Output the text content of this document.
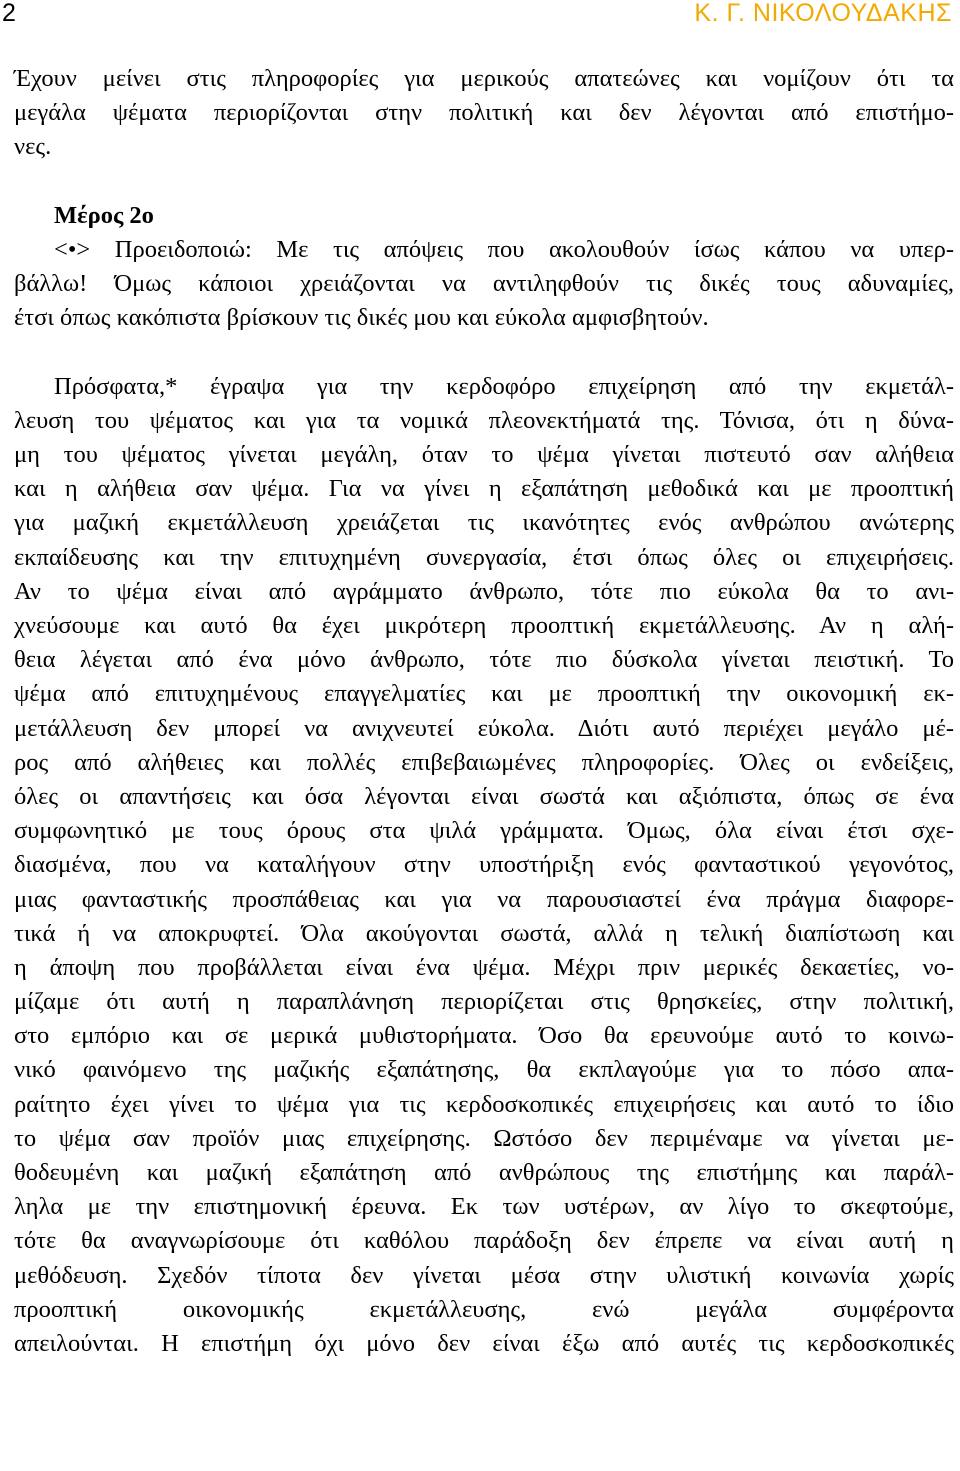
2	Κ. Γ. ΝΙΚΟΛΟΥΔΑΚΗΣ
Έχουν μείνει στις πληροφορίες για μερικούς απατεώνες και νομίζουν ότι τα
μεγάλα ψέματα περιορίζονται στην πολιτική και δεν λέγονται από επιστήμο-
νες.
Μέρος 2ο
<•> Προειδοποιώ: Με τις απόψεις που ακολουθούν ίσως κάπου να υπερ-
βάλλω! Όμως κάποιοι χρειάζονται να αντιληφθούν τις δικές τους αδυναμίες,
έτσι όπως κακόπιστα βρίσκουν τις δικές μου και εύκολα αμφισβητούν.
Πρόσφατα,* έγραψα για την κερδοφόρο επιχείρηση από την εκμετάλ-
λευση του ψέματος και για τα νομικά πλεονεκτήματά της. Τόνισα, ότι η δύνα-
μη του ψέματος γίνεται μεγάλη, όταν το ψέμα γίνεται πιστευτό σαν αλήθεια
και η αλήθεια σαν ψέμα. Για να γίνει η εξαπάτηση μεθοδικά και με προοπτική
για μαζική εκμετάλλευση χρειάζεται τις ικανότητες ενός ανθρώπου ανώτερης
εκπαίδευσης και την επιτυχημένη συνεργασία, έτσι όπως όλες οι επιχειρήσεις.
Αν το ψέμα είναι από αγράμματο άνθρωπο, τότε πιο εύκολα θα το ανι-
χνεύσουμε και αυτό θα έχει μικρότερη προοπτική εκμετάλλευσης. Αν η αλή-
θεια λέγεται από ένα μόνο άνθρωπο, τότε πιο δύσκολα γίνεται πειστική. Το
ψέμα από επιτυχημένους επαγγελματίες και με προοπτική την οικονομική εκ-
μετάλλευση δεν μπορεί να ανιχνευτεί εύκολα. Διότι αυτό περιέχει μεγάλο μέ-
ρος από αλήθειες και πολλές επιβεβαιωμένες πληροφορίες. Όλες οι ενδείξεις,
όλες οι απαντήσεις και όσα λέγονται είναι σωστά και αξιόπιστα, όπως σε ένα
συμφωνητικό με τους όρους στα ψιλά γράμματα. Όμως, όλα είναι έτσι σχε-
διασμένα, που να καταλήγουν στην υποστήριξη ενός φανταστικού γεγονότος,
μιας φανταστικής προσπάθειας και για να παρουσιαστεί ένα πράγμα διαφορε-
τικά ή να αποκρυφτεί. Όλα ακούγονται σωστά, αλλά η τελική διαπίστωση και
η άποψη που προβάλλεται είναι ένα ψέμα. Μέχρι πριν μερικές δεκαετίες, νο-
μίζαμε ότι αυτή η παραπλάνηση περιορίζεται στις θρησκείες, στην πολιτική,
στο εμπόριο και σε μερικά μυθιστορήματα. Όσο θα ερευνούμε αυτό το κοινω-
νικό φαινόμενο της μαζικής εξαπάτησης, θα εκπλαγούμε για το πόσο απα-
ραίτητο έχει γίνει το ψέμα για τις κερδοσκοπικές επιχειρήσεις και αυτό το ίδιο
το ψέμα σαν προϊόν μιας επιχείρησης. Ωστόσο δεν περιμέναμε να γίνεται με-
θοδευμένη και μαζική εξαπάτηση από ανθρώπους της επιστήμης και παράλ-
ληλα με την επιστημονική έρευνα. Εκ των υστέρων, αν λίγο το σκεφτούμε,
τότε θα αναγνωρίσουμε ότι καθόλου παράδοξη δεν έπρεπε να είναι αυτή η
μεθόδευση. Σχεδόν τίποτα δεν γίνεται μέσα στην υλιστική κοινωνία χωρίς
προοπτική οικονομικής εκμετάλλευσης, ενώ μεγάλα συμφέροντα
απειλούνται. Η επιστήμη όχι μόνο δεν είναι έξω από αυτές τις κερδοσκοπικές
